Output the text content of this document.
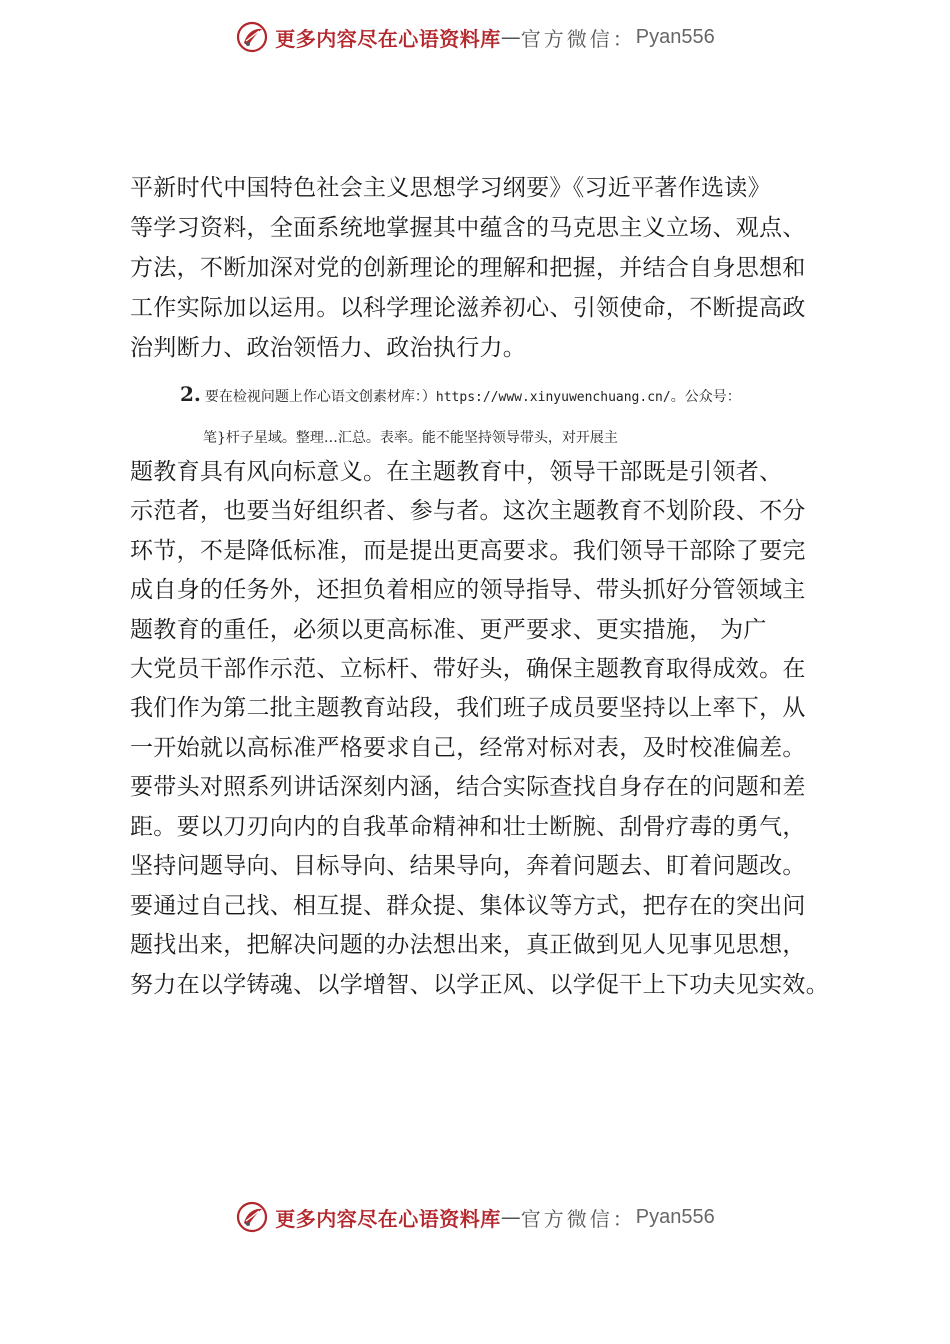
更多内容尽在心语资料库 — 官方微信： Pyan556

平新时代中国特色社会主义思想学习纲要》《习近平著作选读》

等学习资料，全面系统地掌握其中蕴含的马克思主义立场、观点、

方法，不断加深对党的创新理论的理解和把握，并结合自身思想和

工作实际加以运用。以科学理论滋养初心、引领使命，不断提高政

治判断力、政治领悟力、政治执行力。

2. 要在检视问题上作心语文创素材库：）https://www.xinyuwenchuang.cn/。公众号：

笔}杆子星域。整理…汇总。表率。能不能坚持领导带头，对开展主

题教育具有风向标意义。在主题教育中，领导干部既是引领者、

示范者，也要当好组织者、参与者。这次主题教育不划阶段、不分

环节，不是降低标准，而是提出更高要求。我们领导干部除了要完

成自身的任务外，还担负着相应的领导指导、带头抓好分管领域主

题教育的重任，必须以更高标准、更严要求、更实措施， 为广

大党员干部作示范、立标杆、带好头，确保主题教育取得成效。在

我们作为第二批主题教育站段，我们班子成员要坚持以上率下，从

一开始就以高标准严格要求自己，经常对标对表，及时校准偏差。

要带头对照系列讲话深刻内涵，结合实际查找自身存在的问题和差

距。要以刀刃向内的自我革命精神和壮士断腕、刮骨疗毒的勇气，

坚持问题导向、目标导向、结果导向，奔着问题去、盯着问题改。

要通过自己找、相互提、群众提、集体议等方式，把存在的突出问

题找出来，把解决问题的办法想出来，真正做到见人见事见思想，

努力在以学铸魂、以学增智、以学正风、以学促干上下功夫见实效。

更多内容尽在心语资料库 — 官方微信： Pyan556
